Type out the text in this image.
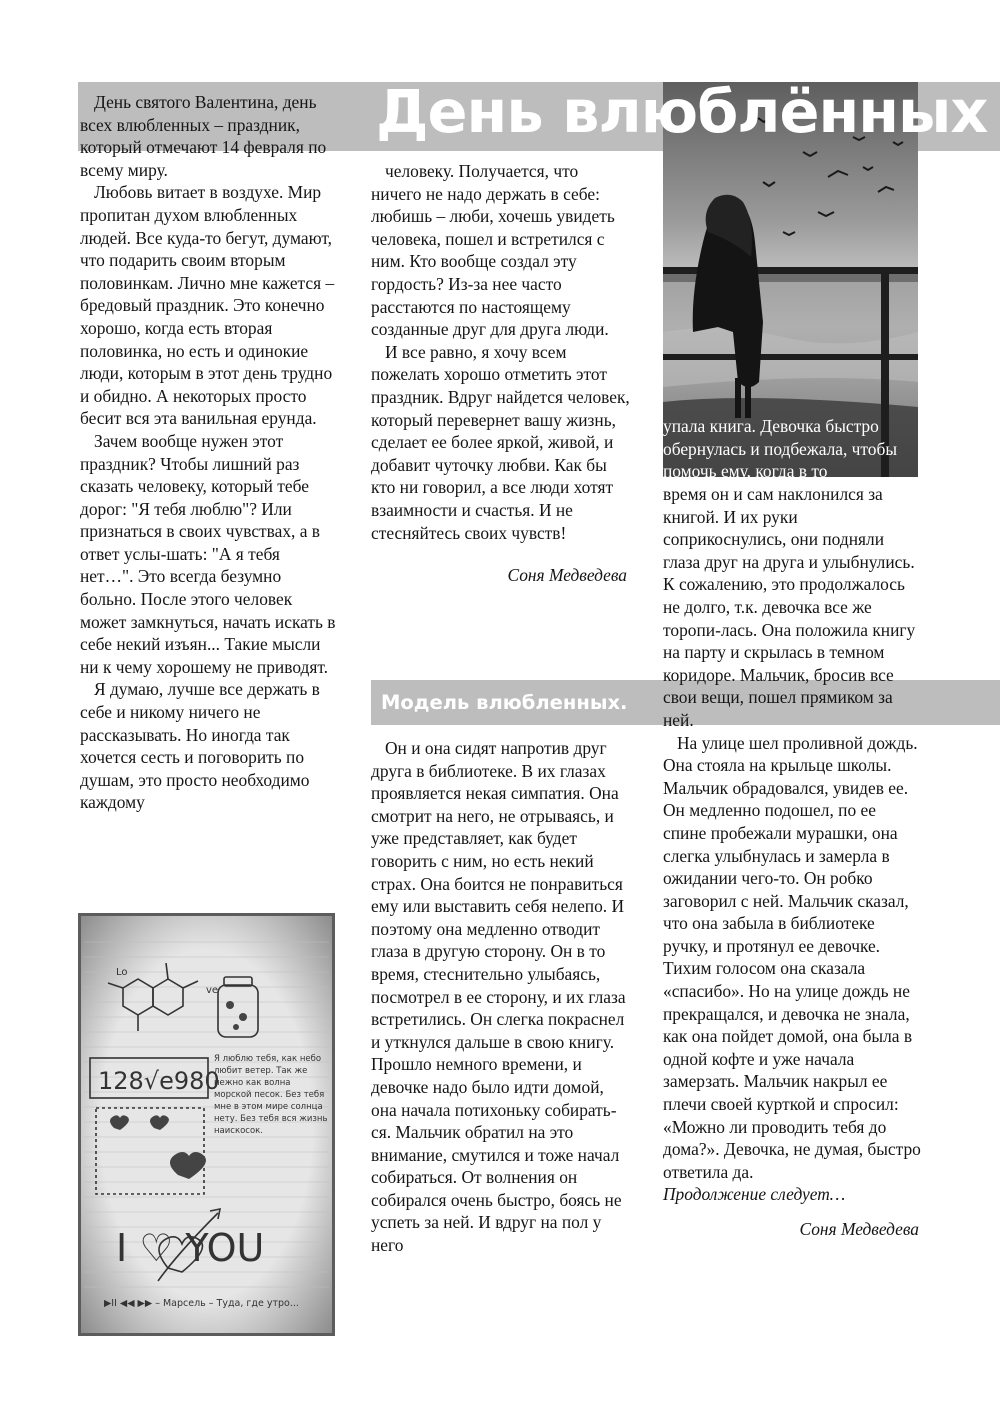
День влюблённых

День святого Валентина, день всех влюбленных – праздник, который отмечают 14 февраля по всему миру.

Любовь витает в воздухе. Мир пропитан духом влюбленных людей. Все куда-то бегут, думают, что подарить своим вторым половинкам. Лично мне кажется – бредовый праздник. Это конечно хорошо, когда есть вторая половинка, но есть и одинокие люди, которым в этот день трудно и обидно. А некоторых просто бесит вся эта ванильная ерунда.

Зачем вообще нужен этот праздник? Чтобы лишний раз сказать человеку, который тебе дорог: "Я тебя люблю"? Или признаться в своих чувствах, а в ответ услы-шать: "А я тебя нет…". Это всегда безумно больно. После этого человек может замкнуться, начать искать в себе некий изъян... Такие мысли ни к чему хорошему не приводят.

Я думаю, лучше все держать в себе и никому ничего не рассказывать. Но иногда так хочется сесть и поговорить по душам, это просто необходимо каждому

человеку. Получается, что ничего не надо держать в себе: любишь – люби, хочешь увидеть человека, пошел и встретился с ним. Кто вообще создал эту гордость? Из-за нее часто расстаются по настоящему созданные друг для друга люди.

И все равно, я хочу всем пожелать хорошо отметить этот праздник. Вдруг найдется человек, который перевернет вашу жизнь, сделает ее более яркой, живой, и добавит чуточку любви. Как бы кто ни говорил, а все люди хотят взаимности и счастья. И не стесняйтесь своих чувств!

Соня Медведева
Модель влюбленных.

Он и она сидят напротив друг друга в библиотеке. В их глазах проявляется некая симпатия. Она смотрит на него, не отрываясь, и уже представляет, как будет говорить с ним, но есть некий страх. Она боится не понравиться ему или выставить себя нелепо. И поэтому она медленно отводит глаза в другую сторону. Он в то время, стеснительно улыбаясь, посмотрел в ее сторону, и их глаза встретились. Он слегка покраснел и уткнулся дальше в свою книгу. Прошло немного времени, и девочке надо было идти домой, она начала потихоньку собирать-ся. Мальчик обратил на это внимание, смутился и тоже начал собираться. От волнения он собирался очень быстро, боясь не успеть за ней. И вдруг на пол у него

упала книга. Девочка быстро обернулась и подбежала, чтобы помочь ему, когда в то

время он и сам наклонился за книгой. И их руки соприкоснулись, они подняли глаза друг на друга и улыбнулись. К сожалению, это продолжалось не долго, т.к. девочка все же торопи-лась. Она положила книгу на парту и скрылась в темном коридоре. Мальчик, бросив все свои вещи, пошел прямиком за ней.

На улице шел проливной дождь. Она стояла на крыльце школы. Мальчик обрадовался, увидев ее. Он медленно подошел, по ее спине пробежали мурашки, она слегка улыбнулась и замерла в ожидании чего-то. Он робко заговорил с ней. Мальчик сказал, что она забыла в библиотеке ручку, и протянул ее девочке. Тихим голосом она сказала «спасибо». Но на улице дождь не прекращался, и девочка не знала, как она пойдет домой, она была в одной кофте и уже начала замерзать. Мальчик накрыл ее плечи своей курткой и спросил: «Можно ли проводить тебя до дома?». Девочка, не думая, быстро ответила да.

Продолжение следует…

Соня Медведева
128√e980
Lo
ve
Я люблю тебя, как небо любит ветер. Так же нежно как волна морской песок. Без тебя мне в этом мире солнца нету. Без тебя вся жизнь наискосок.
I ♡ YOU
▶II ◀◀ ▶▶ – Марсель – Туда, где утро...
